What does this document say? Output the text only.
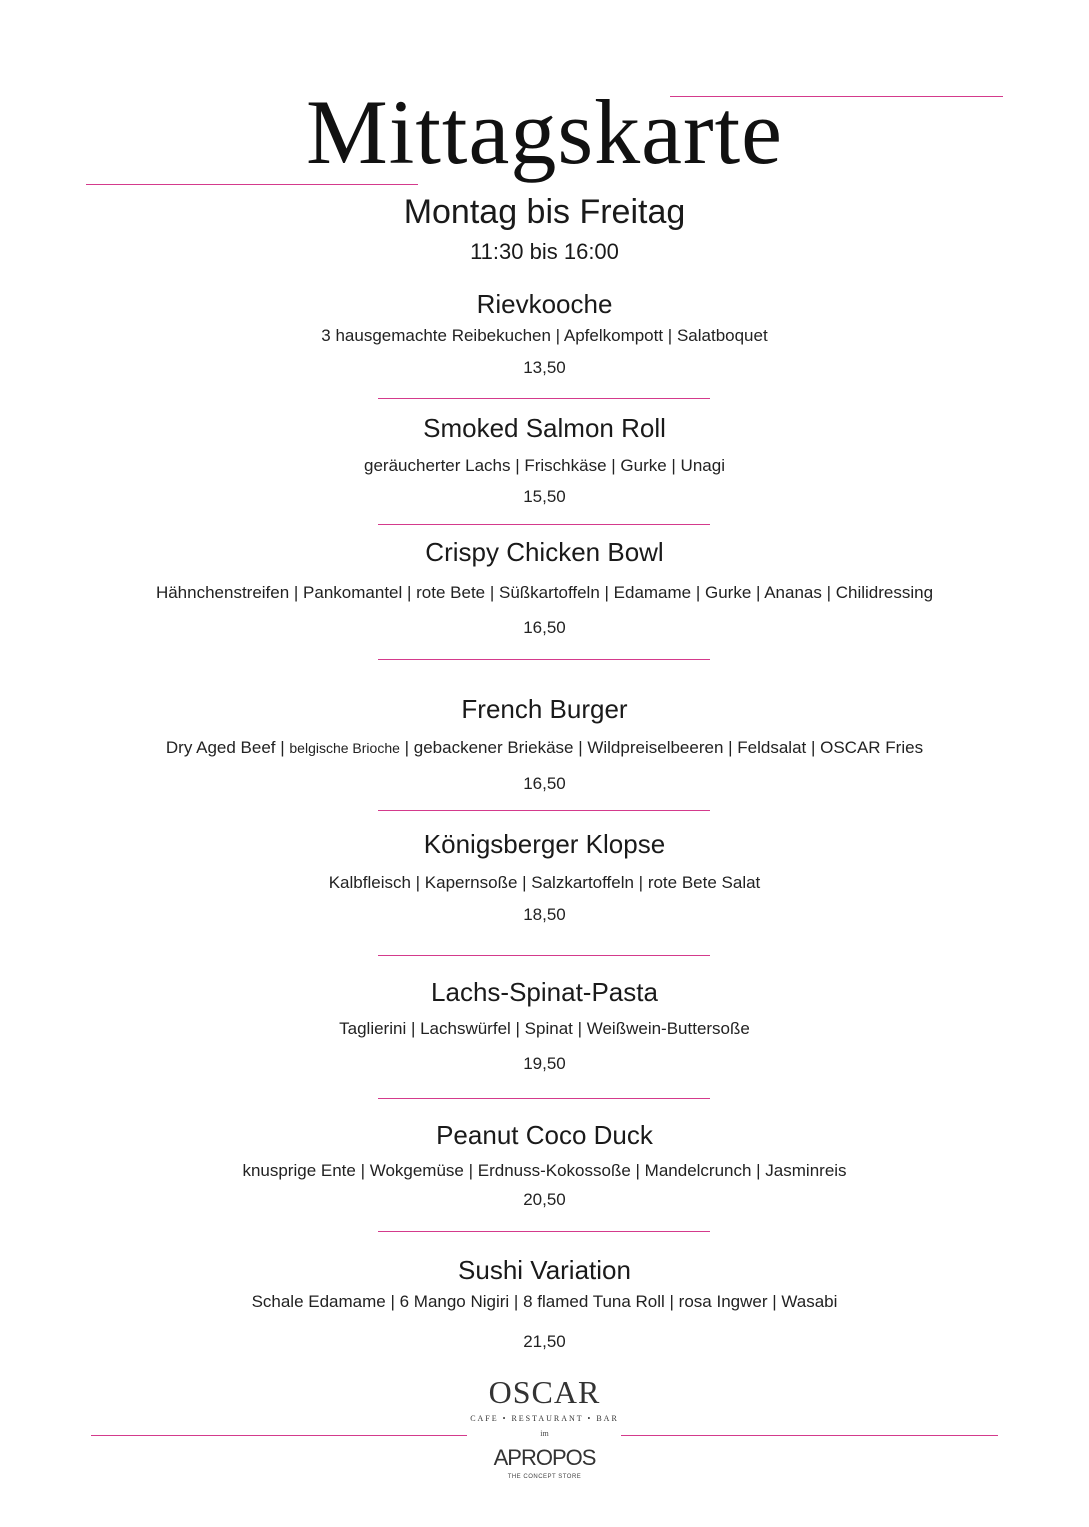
Mittagskarte
Montag bis Freitag
11:30 bis 16:00
Rievkooche
3 hausgemachte Reibekuchen | Apfelkompott | Salatboquet
13,50
Smoked Salmon Roll
geräucherter Lachs | Frischkäse | Gurke | Unagi
15,50
Crispy Chicken Bowl
Hähnchenstreifen | Pankomantel | rote Bete | Süßkartoffeln | Edamame | Gurke | Ananas | Chilidressing
16,50
French Burger
Dry Aged Beef | belgische Brioche | gebackener Briekäse | Wildpreiselbeeren | Feldsalat | OSCAR Fries
16,50
Königsberger Klopse
Kalbfleisch | Kapernsoße | Salzkartoffeln | rote Bete Salat
18,50
Lachs-Spinat-Pasta
Taglierini | Lachswürfel | Spinat | Weißwein-Buttersoße
19,50
Peanut Coco Duck
knusprige Ente | Wokgemüse | Erdnuss-Kokossoße | Mandelcrunch | Jasminreis
20,50
Sushi Variation
Schale Edamame | 6 Mango Nigiri | 8 flamed Tuna Roll | rosa Ingwer | Wasabi
21,50
OSCAR
CAFE • RESTAURANT • BAR
im
APROPOS
THE CONCEPT STORE
